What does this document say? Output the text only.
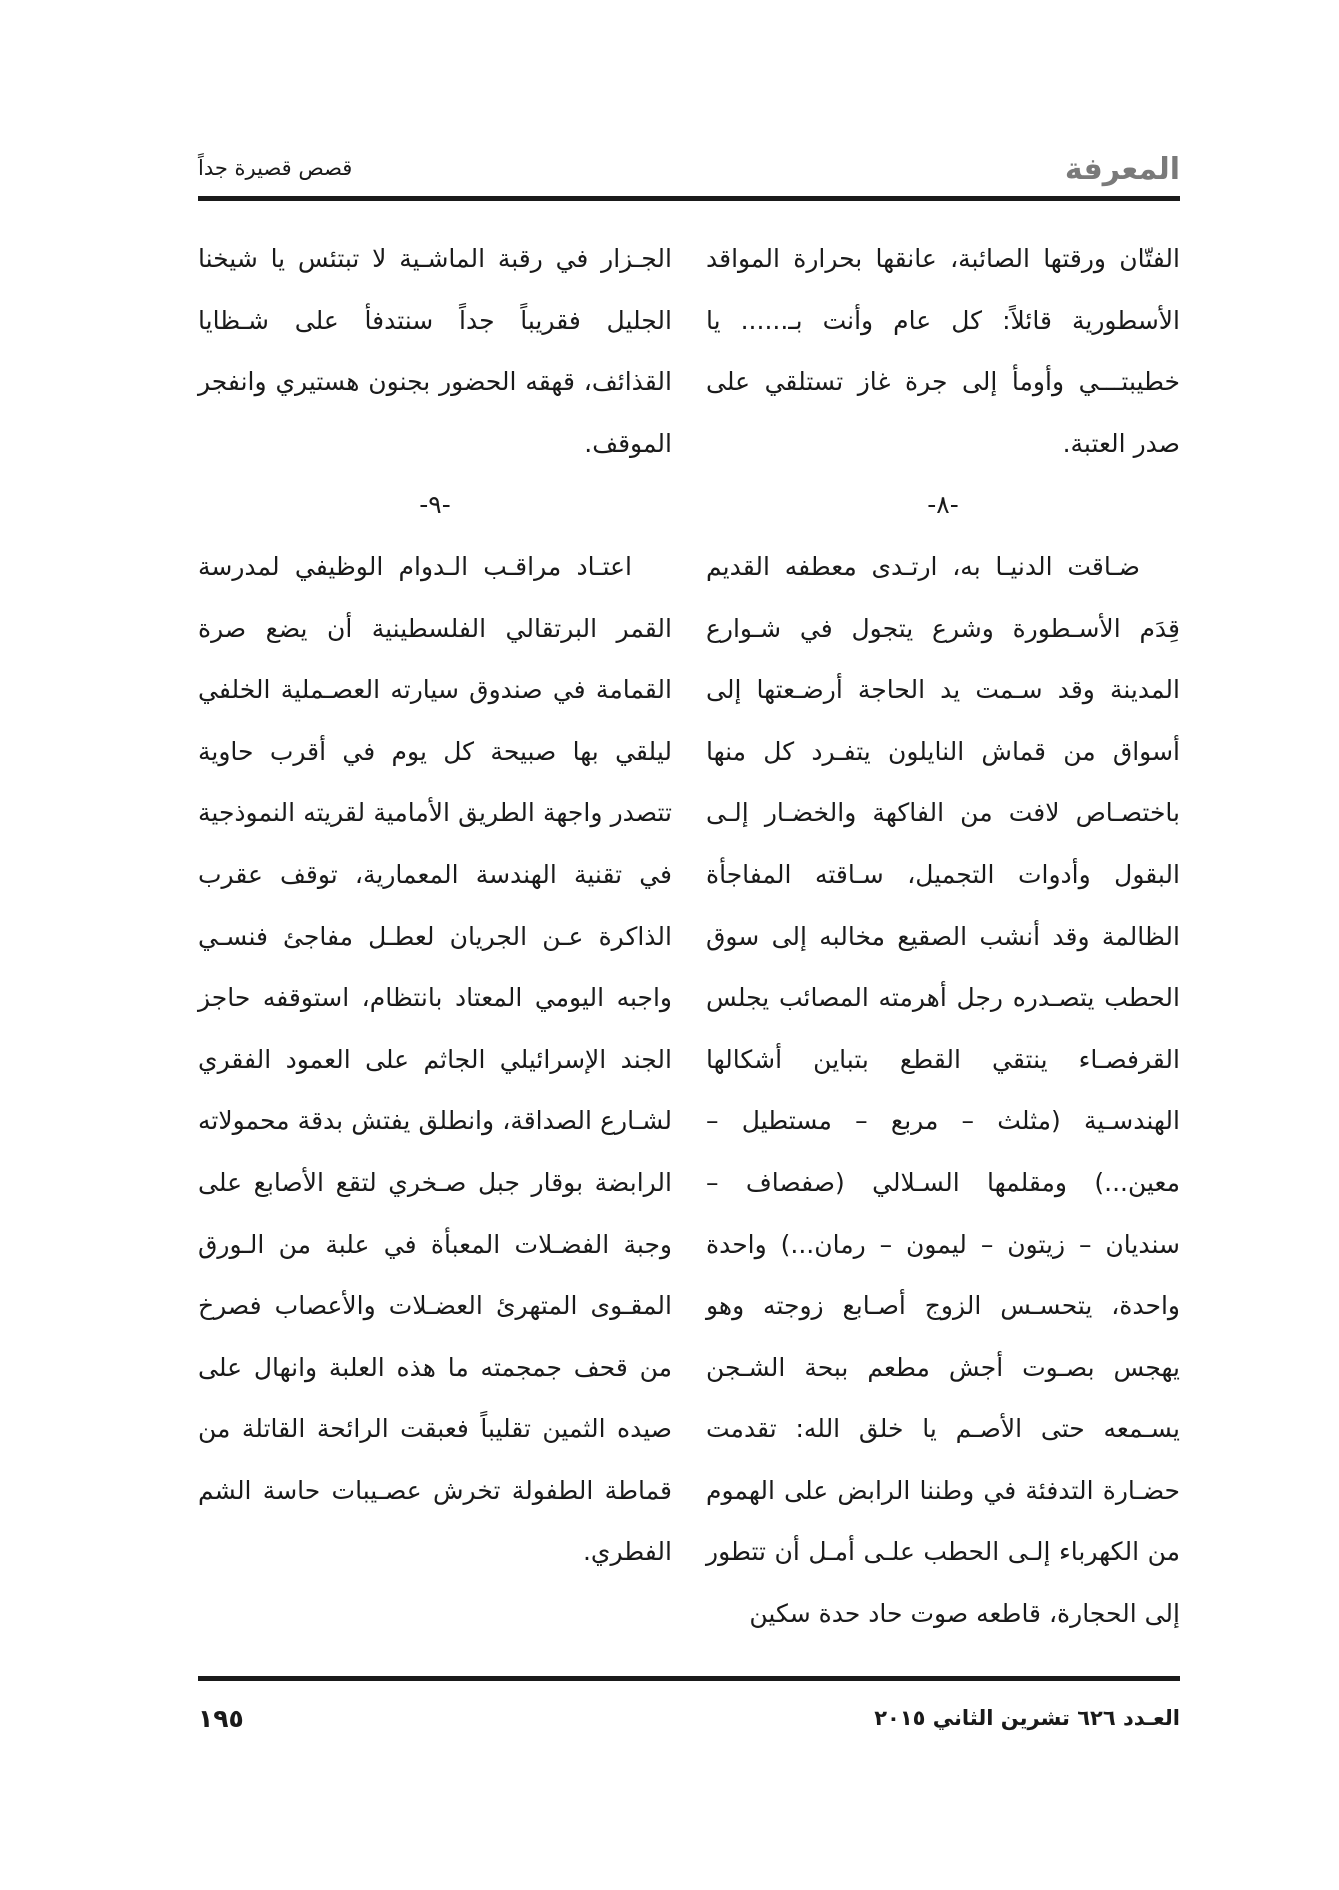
المعرفة
قصص قصيرة جداً

الفتّان ورقتها الصائبة، عانقها بحرارة المواقد الأسطورية قائلاً: كل عام وأنت بـ...... يا خطيبتـــي وأومأ إلى جرة غاز تستلقي على صدر العتبة.

-٨-

ضـاقت الدنيـا به، ارتـدى معطفه القديم قِدَم الأسـطورة وشرع يتجول في شـوارع المدينة وقد سـمت يد الحاجة أرضـعتها إلى أسواق من قماش النايلون يتفـرد كل منها باختصـاص لافت من الفاكهة والخضـار إلـى البقول وأدوات التجميل، سـاقته المفاجأة الظالمة وقد أنشب الصقيع مخالبه إلى سوق الحطب يتصـدره رجل أهرمته المصائب يجلس القرفصـاء ينتقي القطع بتباين أشكالها الهندسـية (مثلث – مربع – مستطيل – معين...) ومقلمها السـلالي (صفصاف – سنديان – زيتون – ليمون – رمان...) واحدة واحدة، يتحسـس الزوج أصـابع زوجته وهو يهجس بصـوت أجش مطعم ببحة الشـجن يسـمعه حتى الأصـم يا خلق الله: تقدمت حضـارة التدفئة في وطننا الرابض على الهموم من الكهرباء إلـى الحطب علـى أمـل أن تتطور إلى الحجارة، قاطعه صوت حاد حدة سكين

الجـزار في رقبة الماشـية لا تبتئس يا شيخنا الجليل فقريباً جداً سنتدفأ على شـظايا القذائف، قهقه الحضور بجنون هستيري وانفجر الموقف.

-٩-

اعتـاد مراقـب الـدوام الوظيفي لمدرسة القمر البرتقالي الفلسطينية أن يضع صرة القمامة في صندوق سيارته العصـملية الخلفي ليلقي بها صبيحة كل يوم في أقرب حاوية تتصدر واجهة الطريق الأمامية لقريته النموذجية في تقنية الهندسة المعمارية، توقف عقرب الذاكرة عـن الجريان لعطـل مفاجئ فنسـي واجبه اليومي المعتاد بانتظام، استوقفه حاجز الجند الإسرائيلي الجاثم على العمود الفقري لشـارع الصداقة، وانطلق يفتش بدقة محمولاته الرابضة بوقار جبل صـخري لتقع الأصابع على وجبة الفضـلات المعبأة في علبة من الـورق المقـوى المتهرئ العضـلات والأعصاب فصرخ من قحف جمجمته ما هذه العلبة وانهال على صيده الثمين تقليباً فعبقت الرائحة القاتلة من قماطة الطفولة تخرش عصـيبات حاسة الشم الفطري.

١٩٥	العـدد ٦٢٦ تشرين الثاني ٢٠١٥
